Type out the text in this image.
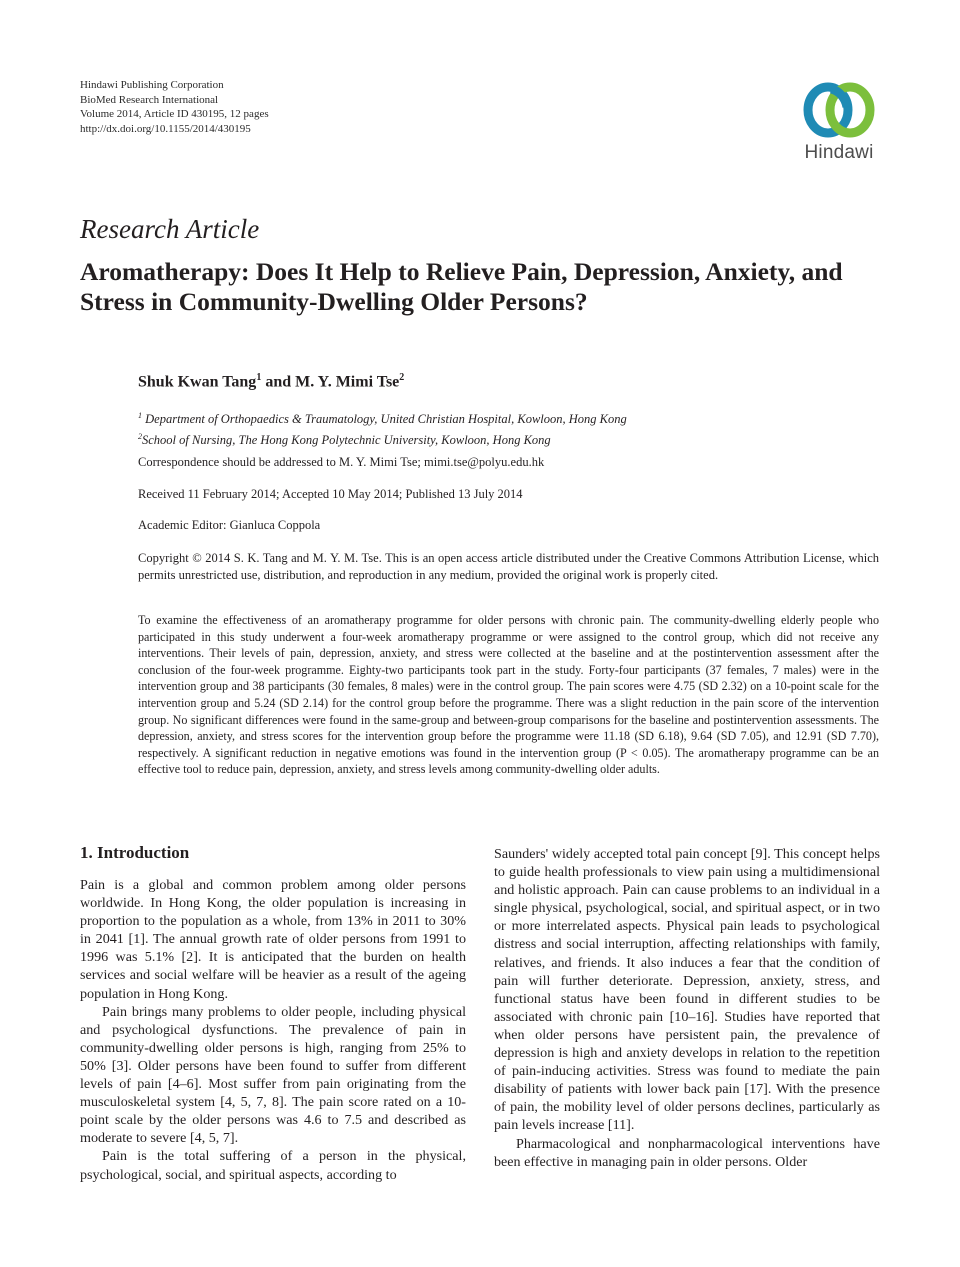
Hindawi Publishing Corporation
BioMed Research International
Volume 2014, Article ID 430195, 12 pages
http://dx.doi.org/10.1155/2014/430195
Hindawi
Research Article
Aromatherapy: Does It Help to Relieve Pain, Depression, Anxiety, and Stress in Community-Dwelling Older Persons?
Shuk Kwan Tang$^1$ and M. Y. Mimi Tse$^2$
$^1$ Department of Orthopaedics & Traumatology, United Christian Hospital, Kowloon, Hong Kong
$^2$School of Nursing, The Hong Kong Polytechnic University, Kowloon, Hong Kong
Correspondence should be addressed to M. Y. Mimi Tse; mimi.tse@polyu.edu.hk
Received 11 February 2014; Accepted 10 May 2014; Published 13 July 2014
Academic Editor: Gianluca Coppola
Copyright © 2014 S. K. Tang and M. Y. M. Tse. This is an open access article distributed under the Creative Commons Attribution License, which permits unrestricted use, distribution, and reproduction in any medium, provided the original work is properly cited.
To examine the effectiveness of an aromatherapy programme for older persons with chronic pain. The community-dwelling elderly people who participated in this study underwent a four-week aromatherapy programme or were assigned to the control group, which did not receive any interventions. Their levels of pain, depression, anxiety, and stress were collected at the baseline and at the postintervention assessment after the conclusion of the four-week programme. Eighty-two participants took part in the study. Forty-four participants (37 females, 7 males) were in the intervention group and 38 participants (30 females, 8 males) were in the control group. The pain scores were 4.75 (SD 2.32) on a 10-point scale for the intervention group and 5.24 (SD 2.14) for the control group before the programme. There was a slight reduction in the pain score of the intervention group. No significant differences were found in the same-group and between-group comparisons for the baseline and postintervention assessments. The depression, anxiety, and stress scores for the intervention group before the programme were 11.18 (SD 6.18), 9.64 (SD 7.05), and 12.91 (SD 7.70), respectively. A significant reduction in negative emotions was found in the intervention group (P < 0.05). The aromatherapy programme can be an effective tool to reduce pain, depression, anxiety, and stress levels among community-dwelling older adults.
1. Introduction

Pain is a global and common problem among older persons worldwide. In Hong Kong, the older population is increasing in proportion to the population as a whole, from 13% in 2011 to 30% in 2041 [1]. The annual growth rate of older persons from 1991 to 1996 was 5.1% [2]. It is anticipated that the burden on health services and social welfare will be heavier as a result of the ageing population in Hong Kong.

Pain brings many problems to older people, including physical and psychological dysfunctions. The prevalence of pain in community-dwelling older persons is high, ranging from 25% to 50% [3]. Older persons have been found to suffer from different levels of pain [4–6]. Most suffer from pain originating from the musculoskeletal system [4, 5, 7, 8]. The pain score rated on a 10-point scale by the older persons was 4.6 to 7.5 and described as moderate to severe [4, 5, 7].

Pain is the total suffering of a person in the physical, psychological, social, and spiritual aspects, according to

Saunders' widely accepted total pain concept [9]. This concept helps to guide health professionals to view pain using a multidimensional and holistic approach. Pain can cause problems to an individual in a single physical, psychological, social, and spiritual aspect, or in two or more interrelated aspects. Physical pain leads to psychological distress and social interruption, affecting relationships with family, relatives, and friends. It also induces a fear that the condition of pain will further deteriorate. Depression, anxiety, stress, and functional status have been found in different studies to be associated with chronic pain [10–16]. Studies have reported that when older persons have persistent pain, the prevalence of depression is high and anxiety develops in relation to the repetition of pain-inducing activities. Stress was found to mediate the pain disability of patients with lower back pain [17]. With the presence of pain, the mobility level of older persons declines, particularly as pain levels increase [11].

Pharmacological and nonpharmacological interventions have been effective in managing pain in older persons. Older
